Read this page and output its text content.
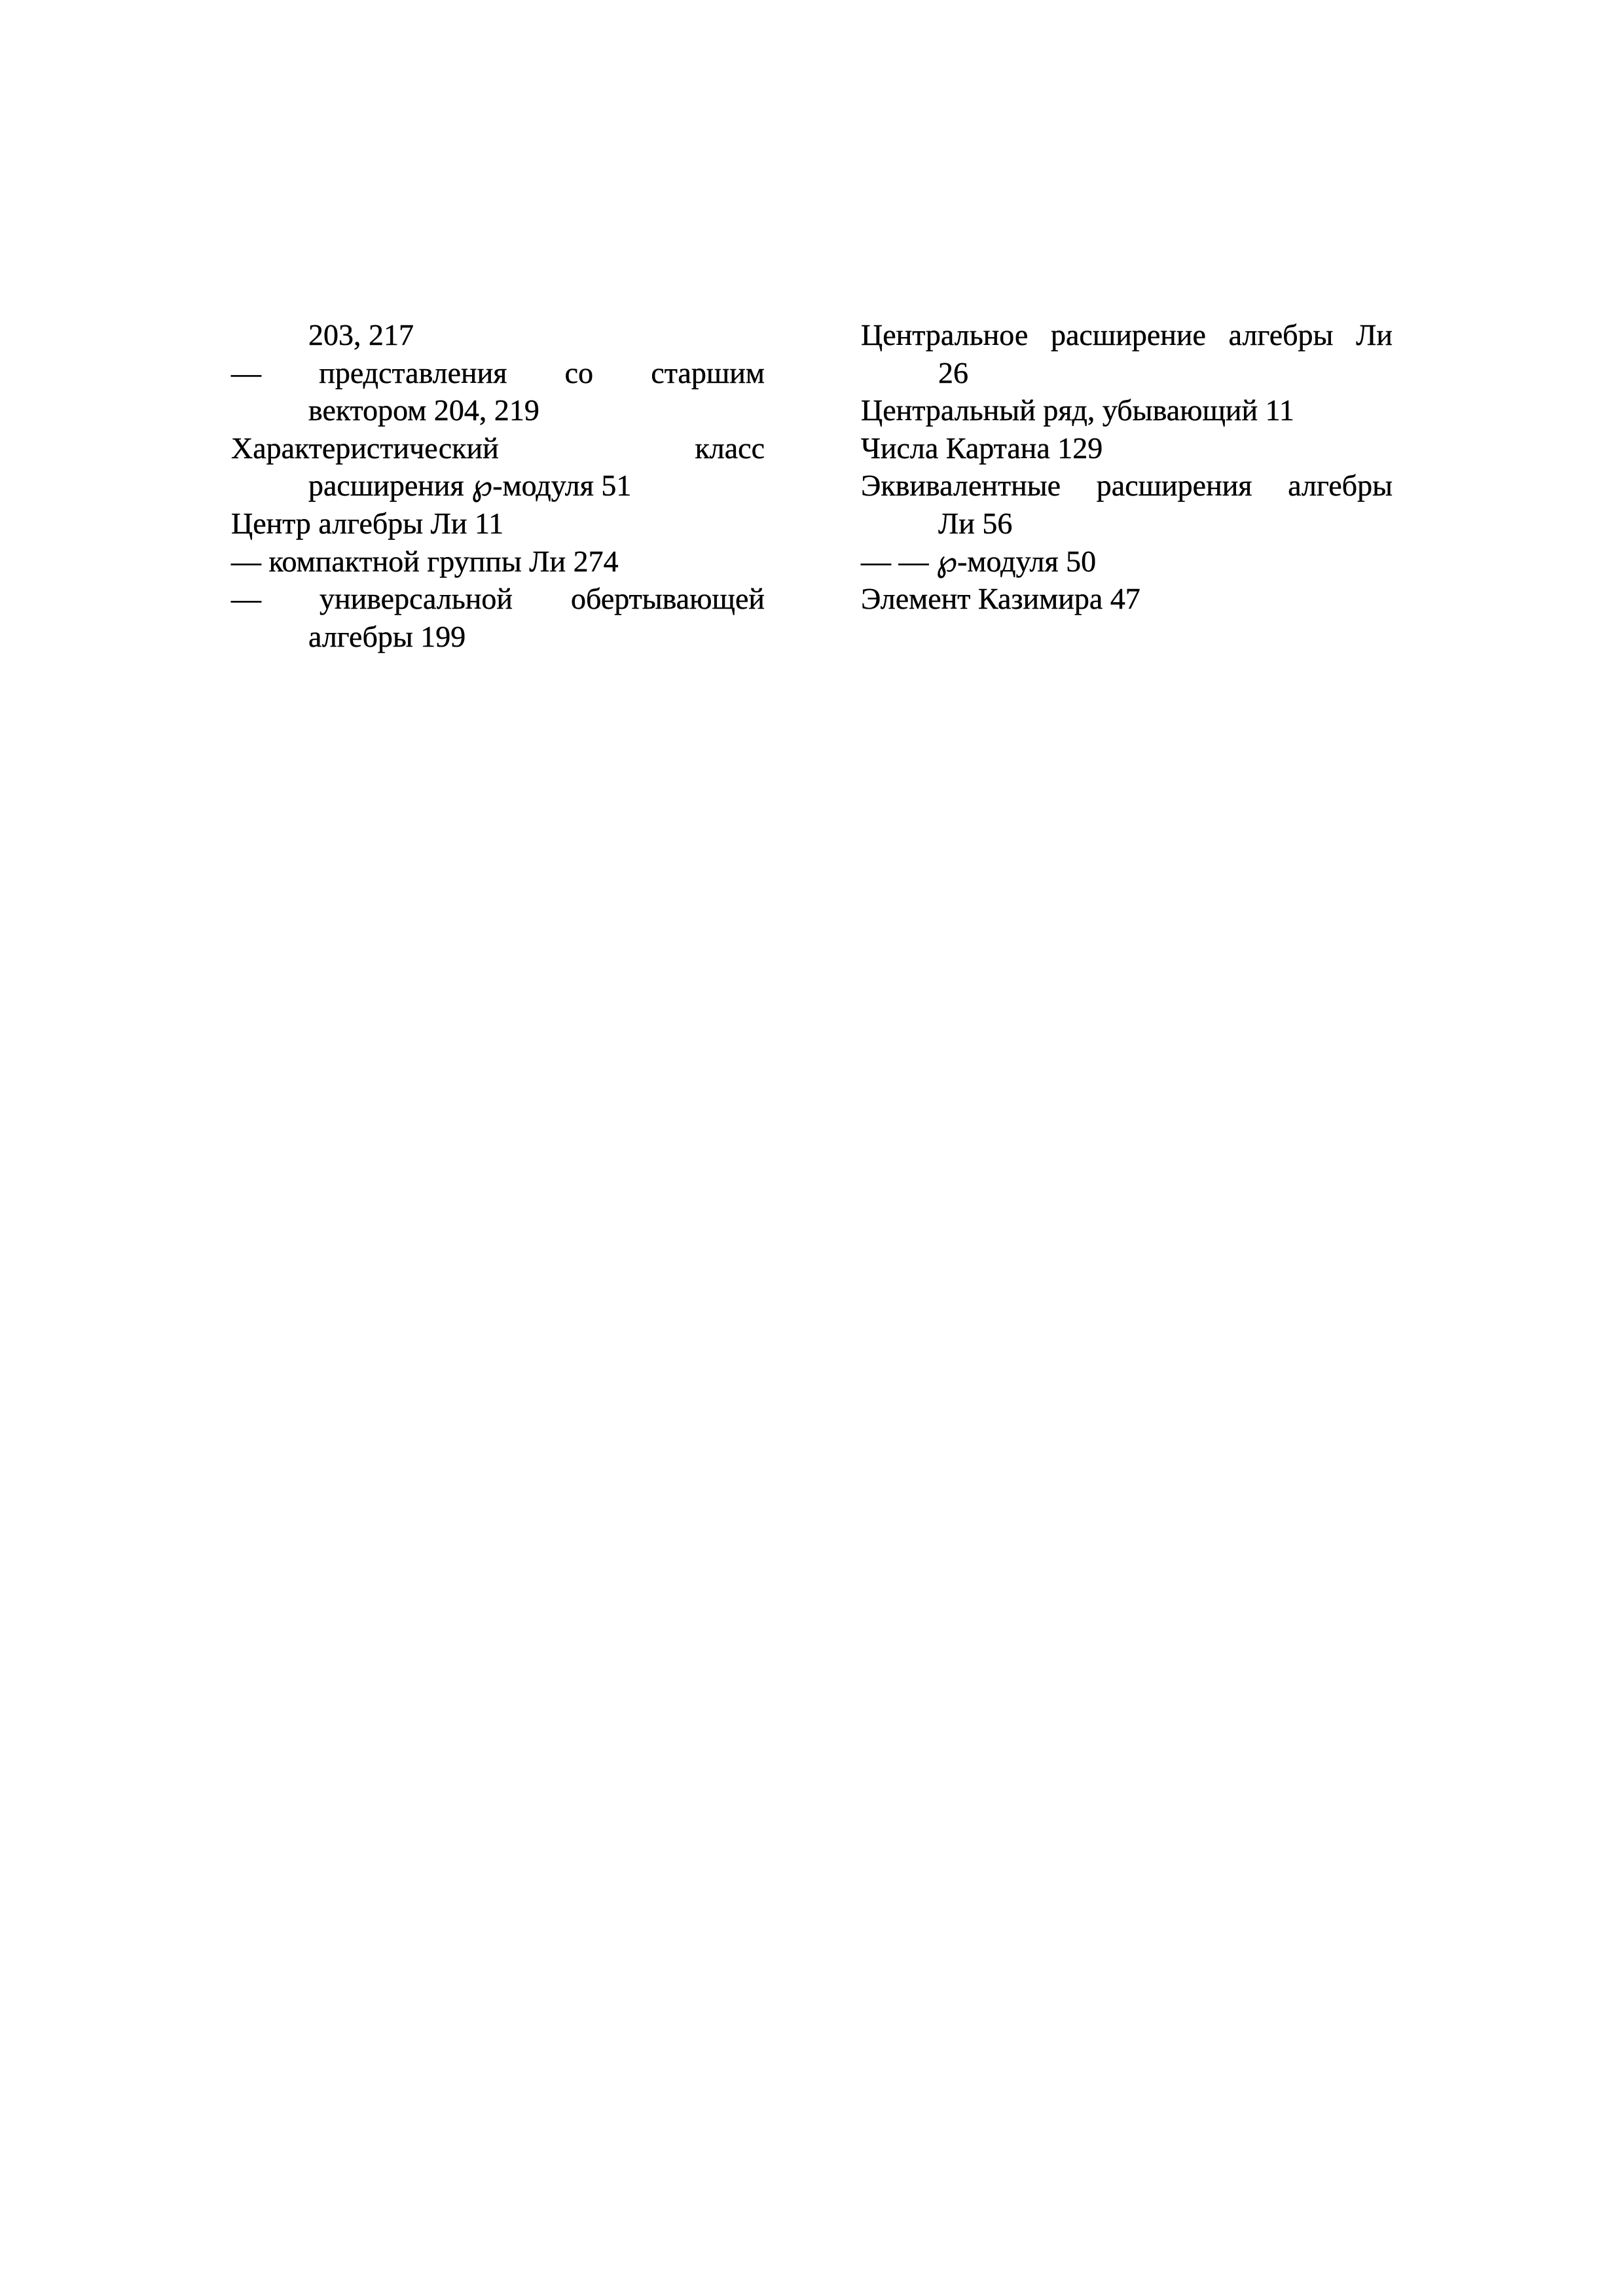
203, 217
— представления со старшим
вектором 204, 219
Характеристический класс
расширения ℘-модуля 51
Центр алгебры Ли 11
— компактной группы Ли 274
— универсальной обертывающей
алгебры 199
Центральное расширение алгебры Ли
26
Центральный ряд, убывающий 11
Числа Картана 129
Эквивалентные расширения алгебры
Ли 56
— — ℘-модуля 50
Элемент Казимира 47
